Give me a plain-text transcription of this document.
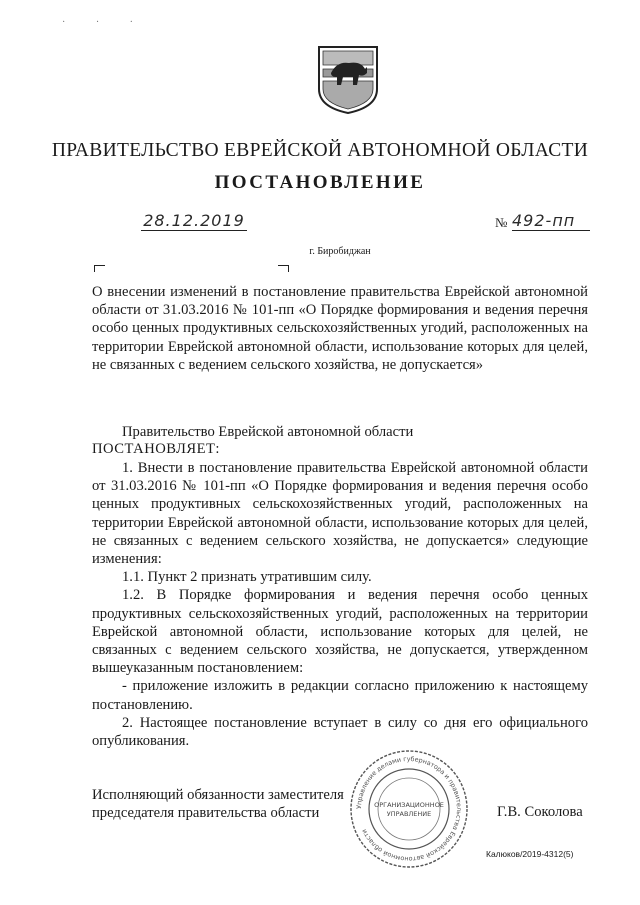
· · ·
ПРАВИТЕЛЬСТВО ЕВРЕЙСКОЙ АВТОНОМНОЙ ОБЛАСТИ
ПОСТАНОВЛЕНИЕ
28.12.2019	№ 492-пп
г. Биробиджан
О внесении изменений в постановление правительства Еврейской автономной области от 31.03.2016 № 101-пп «О Порядке формирования и ведения перечня особо ценных продуктивных сельскохозяйственных угодий, расположенных на территории Еврейской автономной области, использование которых для целей, не связанных с ведением сельского хозяйства, не допускается»
Правительство Еврейской автономной области
ПОСТАНОВЛЯЕТ:

1. Внести в постановление правительства Еврейской автономной области от 31.03.2016 № 101-пп «О Порядке формирования и ведения перечня особо ценных продуктивных сельскохозяйственных угодий, расположенных на территории Еврейской автономной области, использование которых для целей, не связанных с ведением сельского хозяйства, не допускается» следующие изменения:

1.1. Пункт 2 признать утратившим силу.

1.2. В Порядке формирования и ведения перечня особо ценных продуктивных сельскохозяйственных угодий, расположенных на территории Еврейской автономной области, использование которых для целей, не связанных с ведением сельского хозяйства, не допускается, утвержденном вышеуказанным постановлением:

- приложение изложить в редакции согласно приложению к настоящему постановлению.

2. Настоящее постановление вступает в силу со дня его официального опубликования.

Исполняющий обязанности заместителя
председателя правительства области	Управление делами губернатора и правительства Еврейской автономной области
ОРГАНИЗАЦИОННОЕ
УПРАВЛЕНИЕ	Г.В. Соколова
Калюков/2019-4312(5)
